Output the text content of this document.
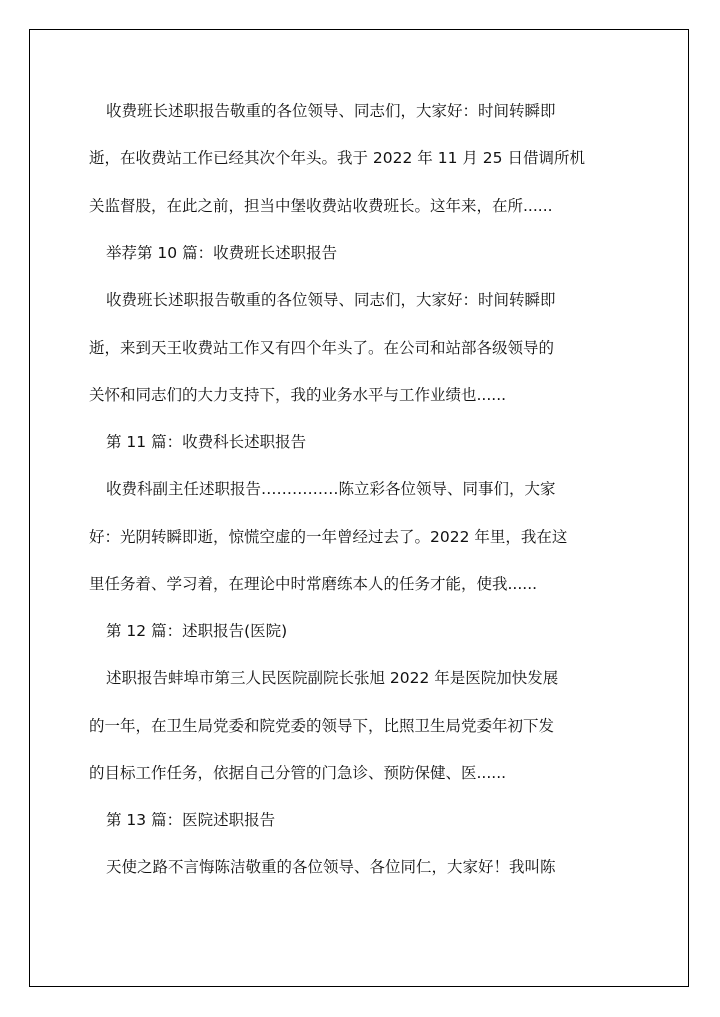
收费班长述职报告敬重的各位领导、同志们，大家好：时间转瞬即
逝，在收费站工作已经其次个年头。我于 2022 年 11 月 25 日借调所机
关监督股，在此之前，担当中堡收费站收费班长。这年来，在所......
举荐第 10 篇：收费班长述职报告
收费班长述职报告敬重的各位领导、同志们，大家好：时间转瞬即
逝，来到天王收费站工作又有四个年头了。在公司和站部各级领导的
关怀和同志们的大力支持下，我的业务水平与工作业绩也......
第 11 篇：收费科长述职报告
收费科副主任述职报告……………陈立彩各位领导、同事们，大家
好：光阴转瞬即逝，惊慌空虚的一年曾经过去了。2022 年里，我在这
里任务着、学习着，在理论中时常磨练本人的任务才能，使我......
第 12 篇：述职报告(医院)
述职报告蚌埠市第三人民医院副院长张旭 2022 年是医院加快发展
的一年，在卫生局党委和院党委的领导下，比照卫生局党委年初下发
的目标工作任务，依据自己分管的门急诊、预防保健、医......
第 13 篇：医院述职报告
天使之路不言悔陈洁敬重的各位领导、各位同仁，大家好！我叫陈
